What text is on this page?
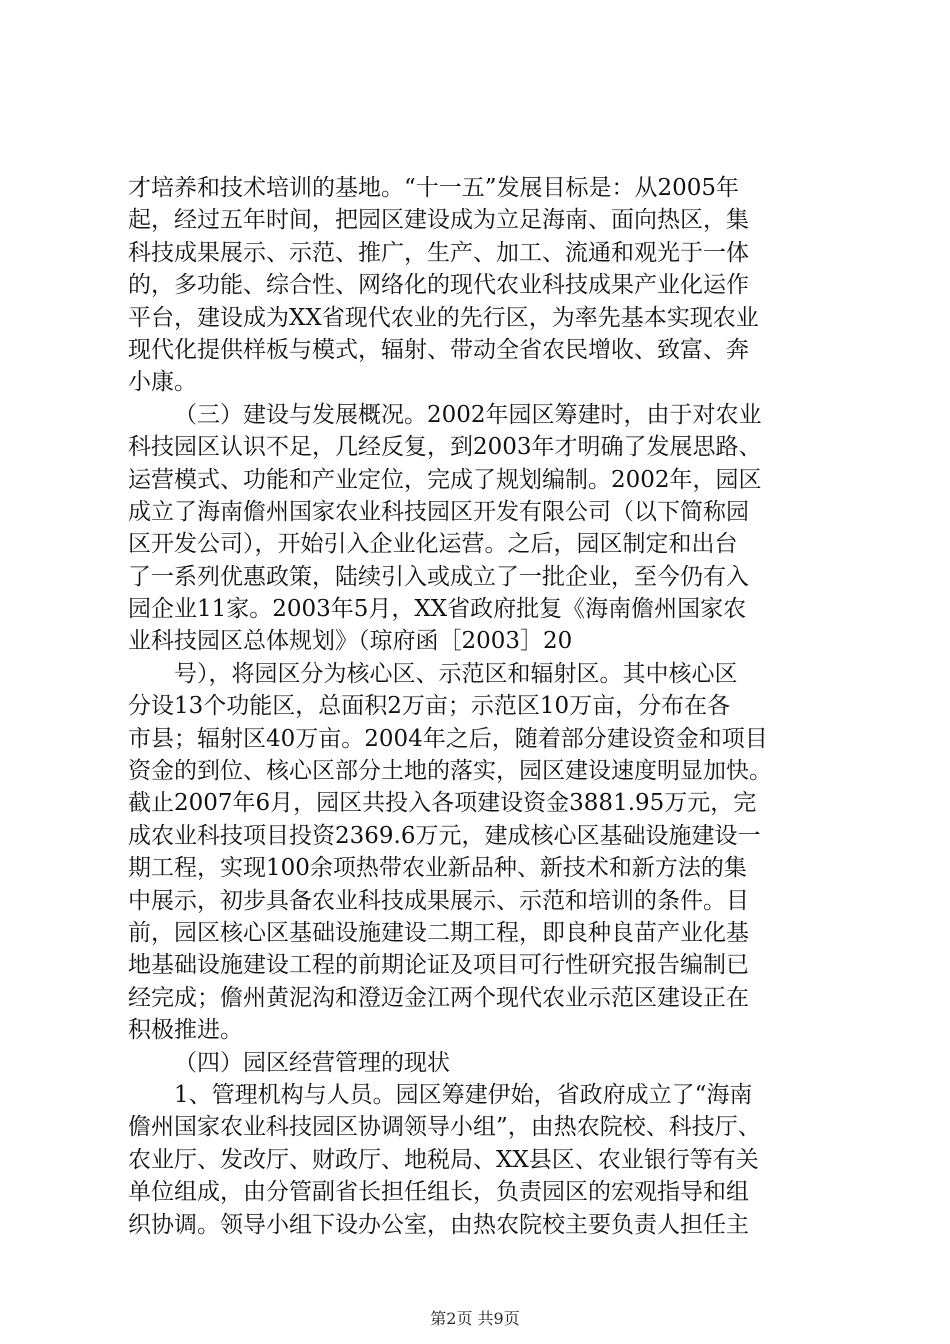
才培养和技术培训的基地。“十一五”发展目标是：从2005年
起，经过五年时间，把园区建设成为立足海南、面向热区，集
科技成果展示、示范、推广，生产、加工、流通和观光于一体
的，多功能、综合性、网络化的现代农业科技成果产业化运作
平台，建设成为XX省现代农业的先行区，为率先基本实现农业
现代化提供样板与模式，辐射、带动全省农民增收、致富、奔
小康。
（三）建设与发展概况。2002年园区筹建时，由于对农业
科技园区认识不足，几经反复，到2003年才明确了发展思路、
运营模式、功能和产业定位，完成了规划编制。2002年，园区
成立了海南儋州国家农业科技园区开发有限公司（以下简称园
区开发公司），开始引入企业化运营。之后，园区制定和出台
了一系列优惠政策，陆续引入或成立了一批企业，至今仍有入
园企业11家。2003年5月，XX省政府批复《海南儋州国家农
业科技园区总体规划》（琼府函［2003］20
号），将园区分为核心区、示范区和辐射区。其中核心区
分设13个功能区，总面积2万亩；示范区10万亩，分布在各
市县；辐射区40万亩。2004年之后，随着部分建设资金和项目
资金的到位、核心区部分土地的落实，园区建设速度明显加快。
截止2007年6月，园区共投入各项建设资金3881.95万元，完
成农业科技项目投资2369.6万元，建成核心区基础设施建设一
期工程，实现100余项热带农业新品种、新技术和新方法的集
中展示，初步具备农业科技成果展示、示范和培训的条件。目
前，园区核心区基础设施建设二期工程，即良种良苗产业化基
地基础设施建设工程的前期论证及项目可行性研究报告编制已
经完成；儋州黄泥沟和澄迈金江两个现代农业示范区建设正在
积极推进。
（四）园区经营管理的现状
1、管理机构与人员。园区筹建伊始，省政府成立了“海南
儋州国家农业科技园区协调领导小组”，由热农院校、科技厅、
农业厅、发改厅、财政厅、地税局、XX县区、农业银行等有关
单位组成，由分管副省长担任组长，负责园区的宏观指导和组
织协调。领导小组下设办公室，由热农院校主要负责人担任主
第2页 共9页
